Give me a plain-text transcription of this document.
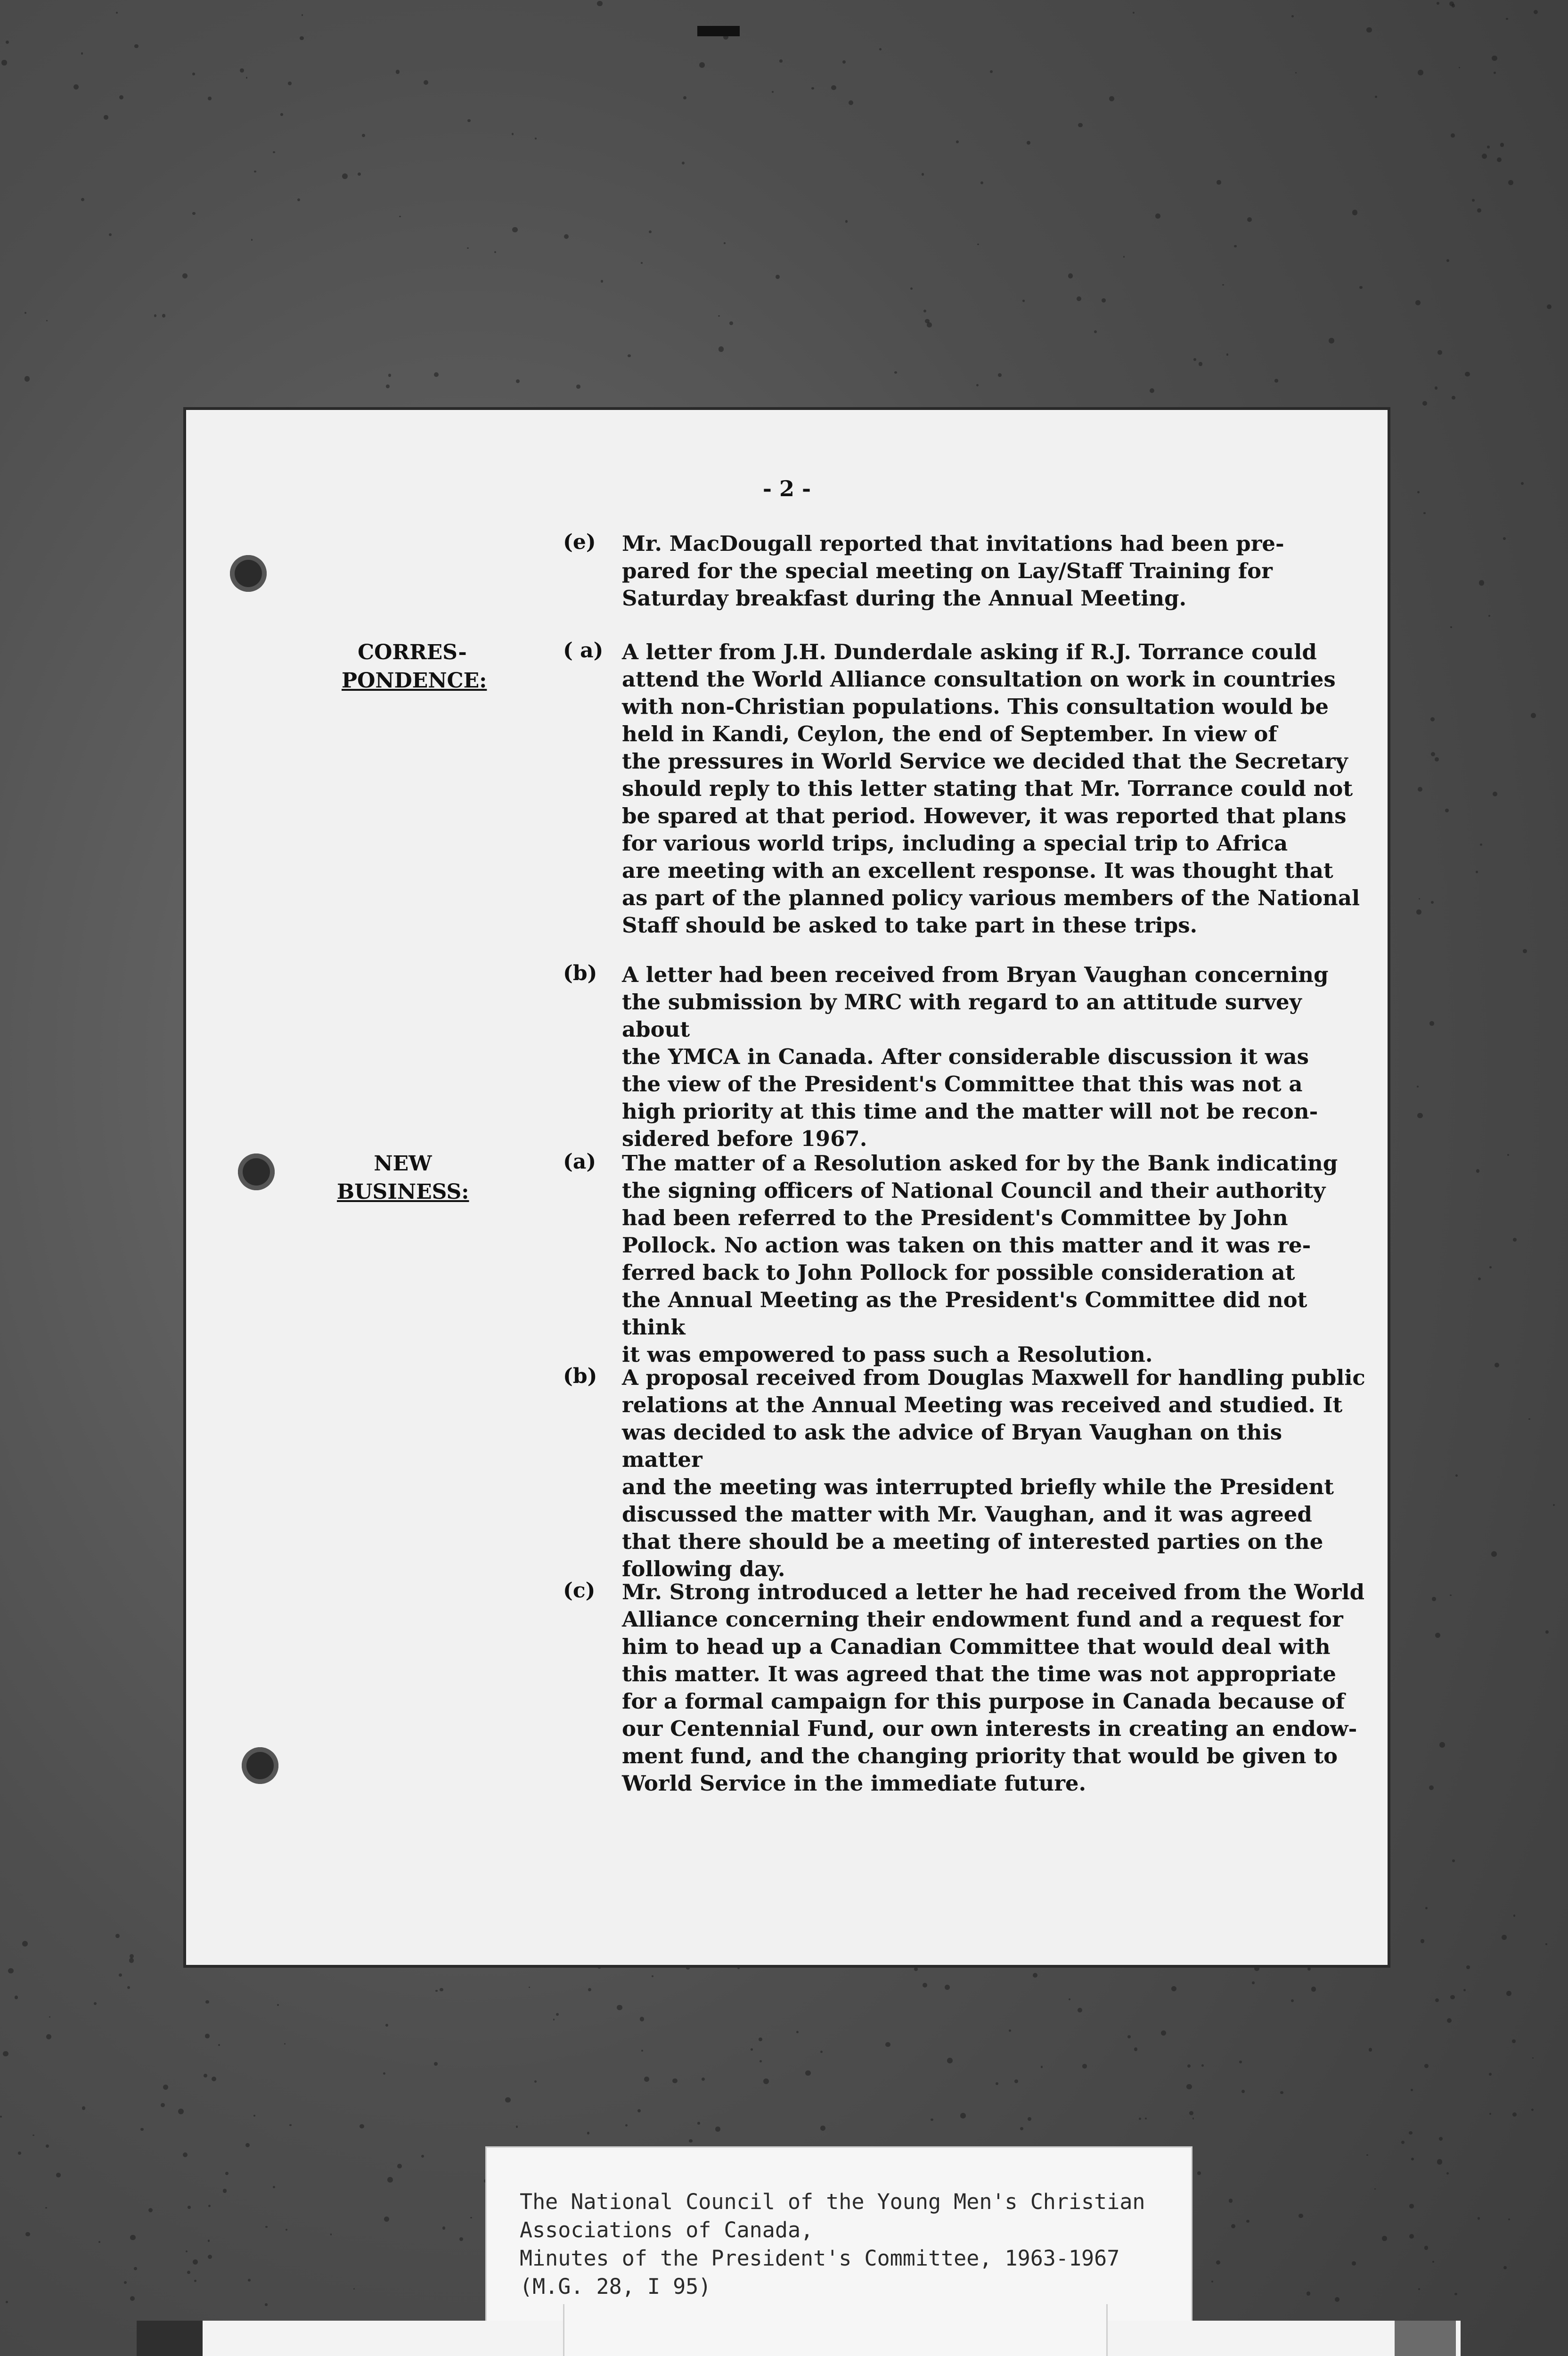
- 2 -
CORRES-
PONDENCE:
NEW
BUSINESS:
(e) Mr. MacDougall reported that invitations had been pre-
pared for the special meeting on Lay/Staff Training for
Saturday breakfast during the Annual Meeting.
( a) A letter from J.H. Dunderdale asking if R.J. Torrance could
attend the World Alliance consultation on work in countries
with non-Christian populations. This consultation would be
held in Kandi, Ceylon, the end of September. In view of
the pressures in World Service we decided that the Secretary
should reply to this letter stating that Mr. Torrance could not
be spared at that period. However, it was reported that plans
for various world trips, including a special trip to Africa
are meeting with an excellent response. It was thought that
as part of the planned policy various members of the National
Staff should be asked to take part in these trips.
(b) A letter had been received from Bryan Vaughan concerning
the submission by MRC with regard to an attitude survey about
the YMCA in Canada. After considerable discussion it was
the view of the President's Committee that this was not a
high priority at this time and the matter will not be recon-
sidered before 1967.
(a) The matter of a Resolution asked for by the Bank indicating
the signing officers of National Council and their authority
had been referred to the President's Committee by John
Pollock. No action was taken on this matter and it was re-
ferred back to John Pollock for possible consideration at
the Annual Meeting as the President's Committee did not think
it was empowered to pass such a Resolution.
(b) A proposal received from Douglas Maxwell for handling public
relations at the Annual Meeting was received and studied. It
was decided to ask the advice of Bryan Vaughan on this matter
and the meeting was interrupted briefly while the President
discussed the matter with Mr. Vaughan, and it was agreed
that there should be a meeting of interested parties on the
following day.
(c) Mr. Strong introduced a letter he had received from the World
Alliance concerning their endowment fund and a request for
him to head up a Canadian Committee that would deal with
this matter. It was agreed that the time was not appropriate
for a formal campaign for this purpose in Canada because of
our Centennial Fund, our own interests in creating an endow-
ment fund, and the changing priority that would be given to
World Service in the immediate future.
The National Council of the Young Men's Christian
Associations of Canada,
Minutes of the President's Committee, 1963-1967
(M.G. 28, I 95)
